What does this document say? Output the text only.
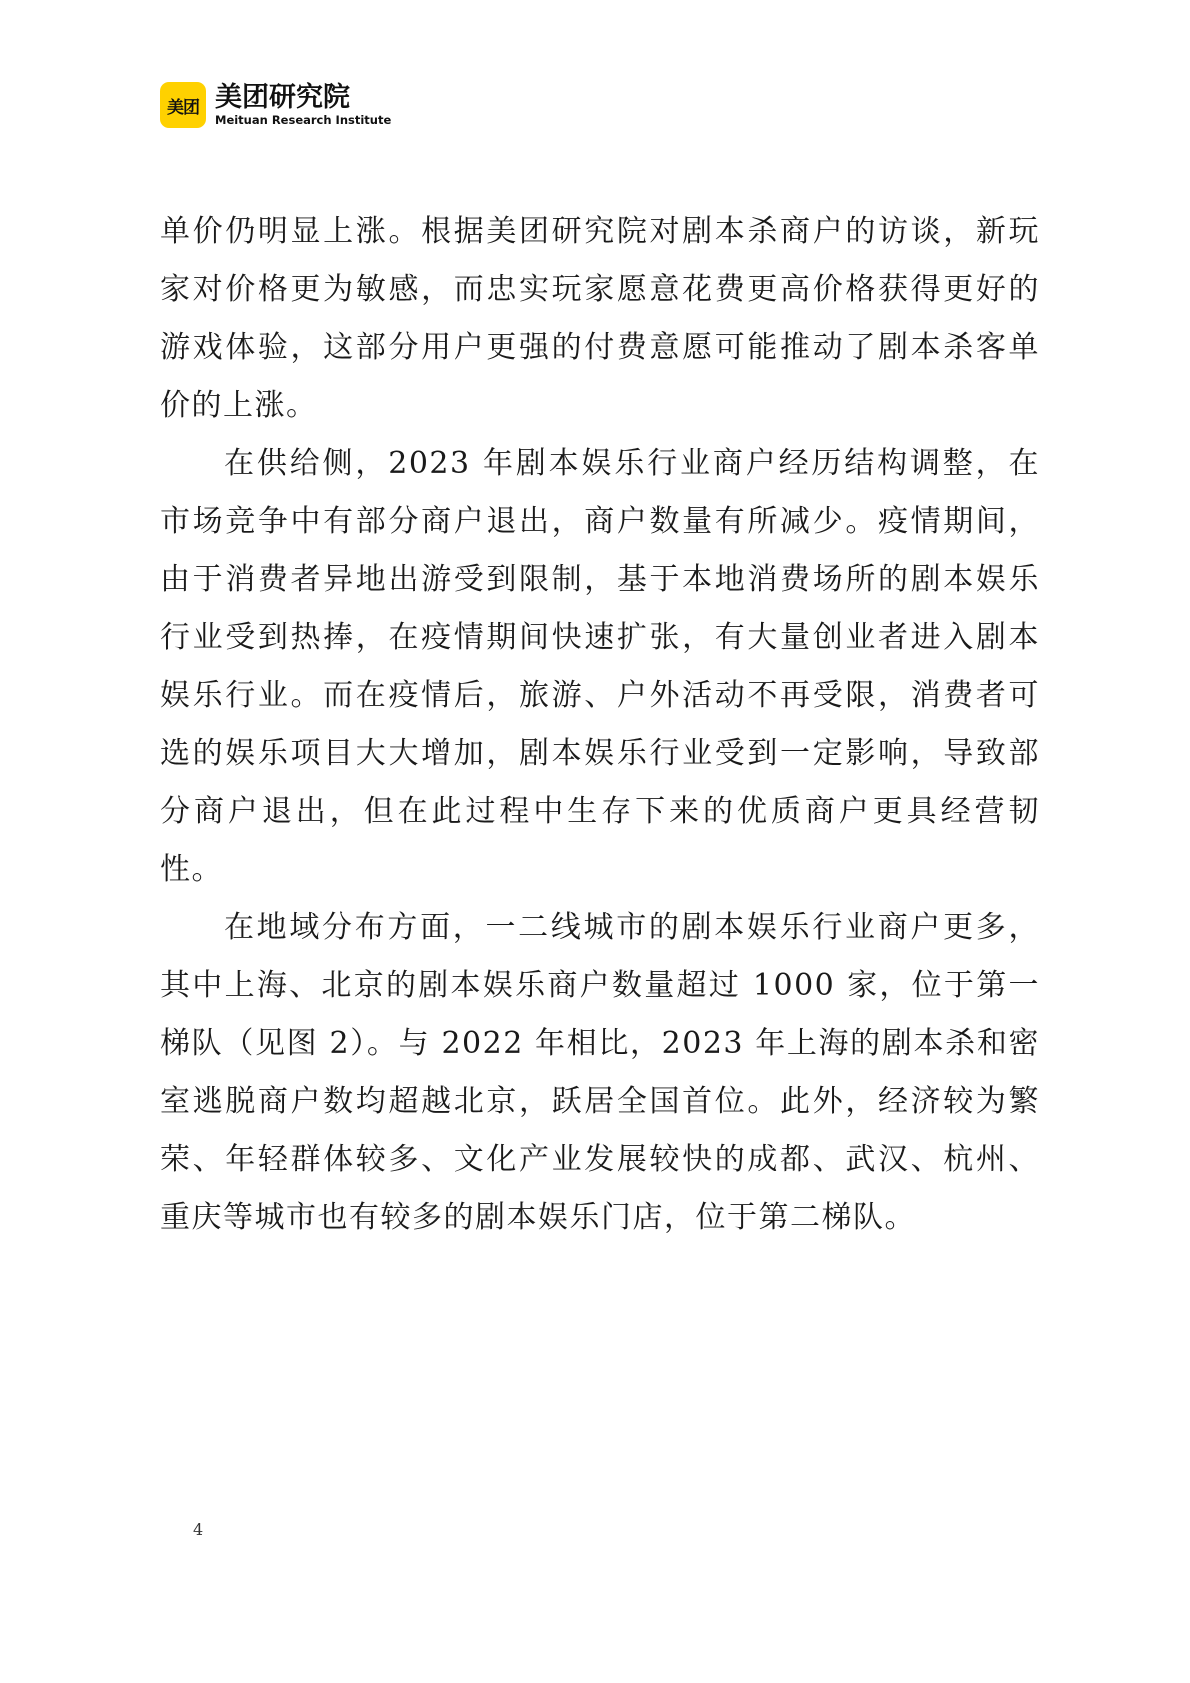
美团 美团研究院
Meituan Research Institute

单价仍明显上涨。根据美团研究院对剧本杀商户的访谈，新玩家对价格更为敏感，而忠实玩家愿意花费更高价格获得更好的游戏体验，这部分用户更强的付费意愿可能推动了剧本杀客单价的上涨。

在供给侧，2023 年剧本娱乐行业商户经历结构调整，在市场竞争中有部分商户退出，商户数量有所减少。疫情期间，由于消费者异地出游受到限制，基于本地消费场所的剧本娱乐行业受到热捧，在疫情期间快速扩张，有大量创业者进入剧本娱乐行业。而在疫情后，旅游、户外活动不再受限，消费者可选的娱乐项目大大增加，剧本娱乐行业受到一定影响，导致部分商户退出，但在此过程中生存下来的优质商户更具经营韧性。

在地域分布方面，一二线城市的剧本娱乐行业商户更多，其中上海、北京的剧本娱乐商户数量超过 1000 家，位于第一梯队（见图 2）。与 2022 年相比，2023 年上海的剧本杀和密室逃脱商户数均超越北京，跃居全国首位。此外，经济较为繁荣、年轻群体较多、文化产业发展较快的成都、武汉、杭州、重庆等城市也有较多的剧本娱乐门店，位于第二梯队。

4
